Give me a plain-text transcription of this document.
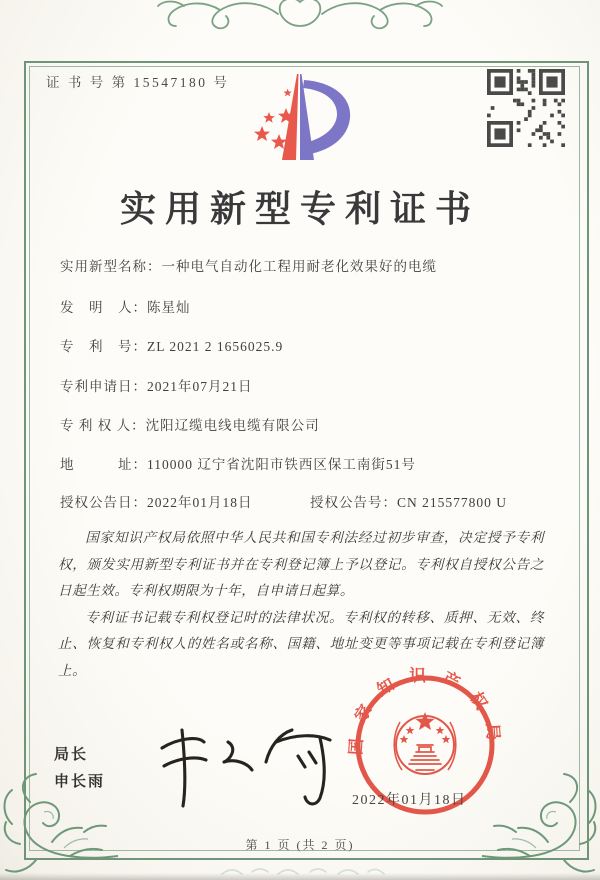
证 书 号 第 15547180 号
实用新型专利证书
实用新型名称：一种电气自动化工程用耐老化效果好的电缆
发　明　人：陈星灿
专　利　号：ZL 2021 2 1656025.9
专利申请日：2021年07月21日
专 利 权 人：沈阳辽缆电线电缆有限公司
地　　　址：110000 辽宁省沈阳市铁西区保工南街51号
授权公告日：2022年01月18日	授权公告号：CN 215577800 U

国家知识产权局依照中华人民共和国专利法经过初步审查，决定授予专利权，颁发实用新型专利证书并在专利登记簿上予以登记。专利权自授权公告之日起生效。专利权期限为十年，自申请日起算。

专利证书记载专利权登记时的法律状况。专利权的转移、质押、无效、终止、恢复和专利权人的姓名或名称、国籍、地址变更等事项记载在专利登记簿上。

局长
申长雨
国家知识产权局
2022年01月18日
第 1 页 (共 2 页)
